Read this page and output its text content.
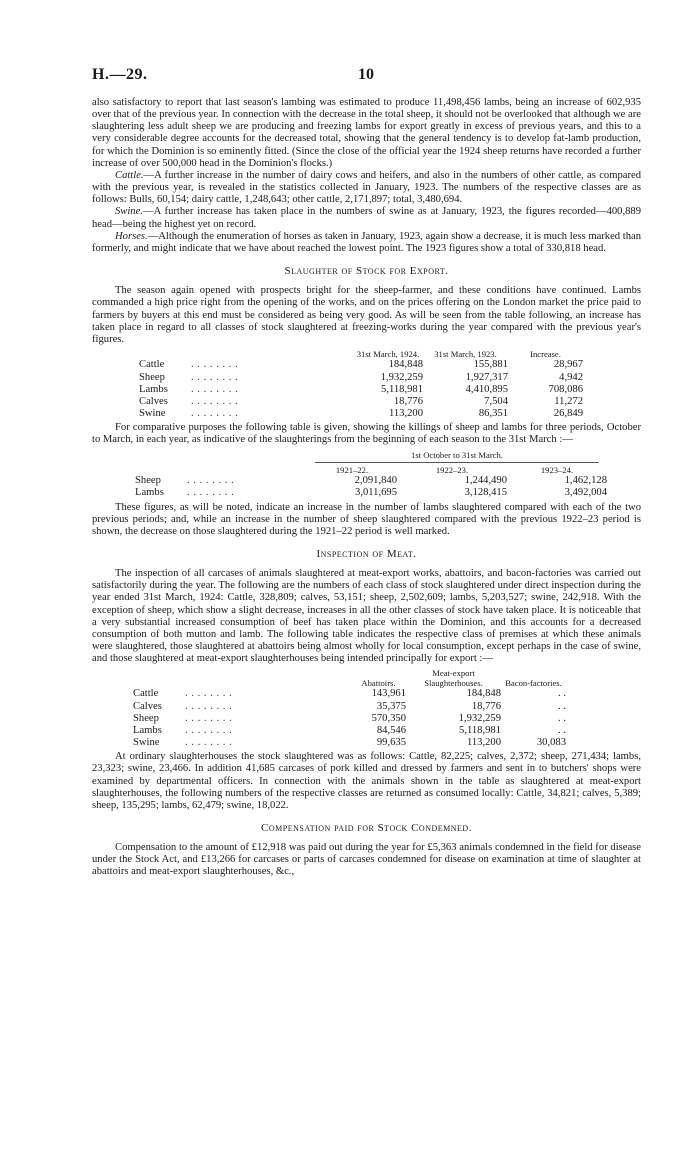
H.—29.	10

also satisfactory to report that last season's lambing was estimated to produce 11,498,456 lambs, being an increase of 602,935 over that of the previous year. In connection with the decrease in the total sheep, it should not be overlooked that although we are slaughtering less adult sheep we are producing and freezing lambs for export greatly in excess of previous years, and this to a very considerable degree accounts for the decreased total, showing that the general tendency is to develop fat-lamb production, for which the Dominion is so eminently fitted. (Since the close of the official year the 1924 sheep returns have recorded a further increase of over 500,000 head in the Dominion's flocks.)

Cattle.—A further increase in the number of dairy cows and heifers, and also in the numbers of other cattle, as compared with the previous year, is revealed in the statistics collected in January, 1923. The numbers of the respective classes are as follows: Bulls, 60,154; dairy cattle, 1,248,643; other cattle, 2,171,897; total, 3,480,694.

Swine.—A further increase has taken place in the numbers of swine as at January, 1923, the figures recorded—400,889 head—being the highest yet on record.

Horses.—Although the enumeration of horses as taken in January, 1923, again show a decrease, it is much less marked than formerly, and might indicate that we have about reached the lowest point. The 1923 figures show a total of 330,818 head.

Slaughter of Stock for Export.

The season again opened with prospects bright for the sheep-farmer, and these conditions have continued. Lambs commanded a high price right from the opening of the works, and on the prices offering on the London market the price paid to farmers by buyers at this end must be considered as being very good. As will be seen from the table following, an increase has taken place in regard to all classes of stock slaughtered at freezing-works during the year compared with the previous year's figures.

		31st March, 1924.	31st March, 1923.	Increase.
Cattle	. . . . . . . .	184,848	155,881	28,967
Sheep	. . . . . . . .	1,932,259	1,927,317	4,942
Lambs	. . . . . . . .	5,118,981	4,410,895	708,086
Calves	. . . . . . . .	18,776	7,504	11,272
Swine	. . . . . . . .	113,200	86,351	26,849

For comparative purposes the following table is given, showing the killings of sheep and lambs for three periods, October to March, in each year, as indicative of the slaughterings from the beginning of each season to the 31st March :—

		1st October to 31st March.		

		1921–22.	1922–23.	1923–24.
Sheep	. . . . . . . .	2,091,840	1,244,490	1,462,128
Lambs	. . . . . . . .	3,011,695	3,128,415	3,492,004

These figures, as will be noted, indicate an increase in the number of lambs slaughtered compared with each of the two previous periods; and, while an increase in the number of sheep slaughtered compared with the previous 1922–23 period is shown, the decrease on those slaughtered during the 1921–22 period is well marked.

Inspection of Meat.

The inspection of all carcases of animals slaughtered at meat-export works, abattoirs, and bacon-factories was carried out satisfactorily during the year. The following are the numbers of each class of stock slaughtered under direct inspection during the year ended 31st March, 1924: Cattle, 328,809; calves, 53,151; sheep, 2,502,609; lambs, 5,203,527; swine, 242,918. With the exception of sheep, which show a slight decrease, increases in all the other classes of stock have taken place. It is noticeable that a very substantial increased consumption of beef has taken place within the Dominion, and this accounts for a decreased consumption of both mutton and lamb. The following table indicates the respective class of premises at which these animals were slaughtered, those slaughtered at abattoirs being almost wholly for local consumption, except perhaps in the case of swine, and those slaughtered at meat-export slaughterhouses being intended principally for export :—

		Abattoirs.	Meat-export Slaughterhouses.	Bacon-factories.
Cattle	. . . . . . . .	143,961	184,848	. .
Calves	. . . . . . . .	35,375	18,776	. .
Sheep	. . . . . . . .	570,350	1,932,259	. .
Lambs	. . . . . . . .	84,546	5,118,981	. .
Swine	. . . . . . . .	99,635	113,200	30,083

At ordinary slaughterhouses the stock slaughtered was as follows: Cattle, 82,225; calves, 2,372; sheep, 271,434; lambs, 23,323; swine, 23,466. In addition 41,685 carcases of pork killed and dressed by farmers and sent in to butchers' shops were examined by departmental officers. In connection with the animals shown in the table as slaughtered at meat-export slaughterhouses, the following numbers of the respective classes are returned as consumed locally: Cattle, 34,821; calves, 5,389; sheep, 135,295; lambs, 62,479; swine, 18,022.

Compensation paid for Stock Condemned.

Compensation to the amount of £12,918 was paid out during the year for £5,363 animals condemned in the field for disease under the Stock Act, and £13,266 for carcases or parts of carcases condemned for disease on examination at time of slaughter at abattoirs and meat-export slaughterhouses, &c.,
